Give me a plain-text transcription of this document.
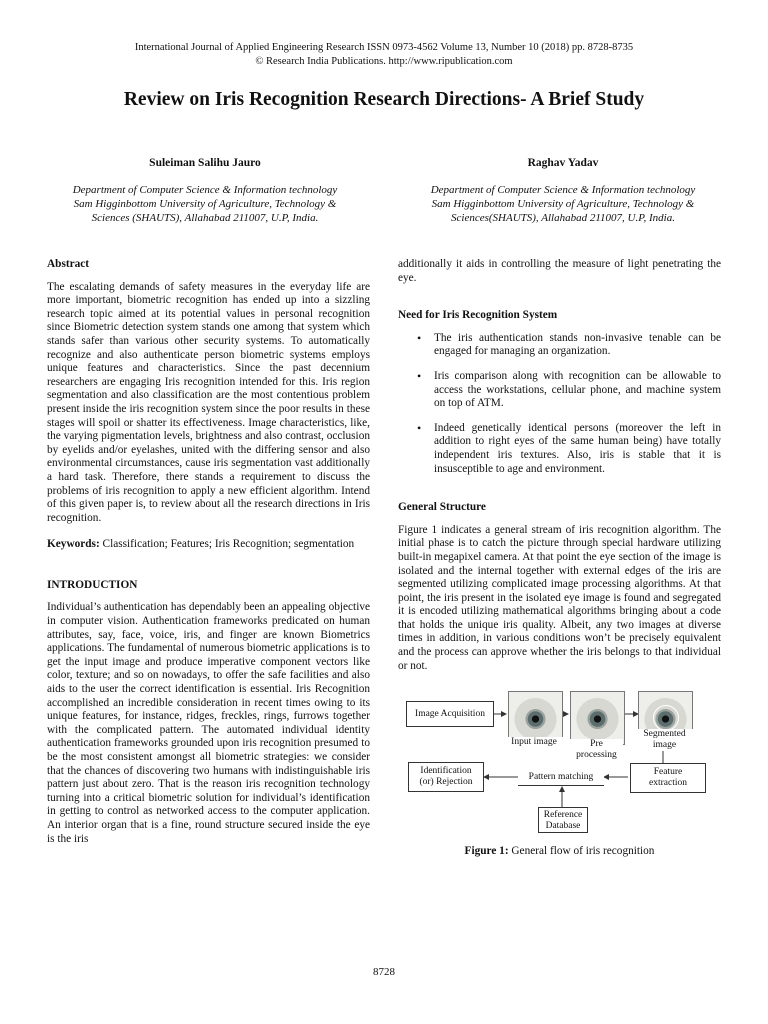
International Journal of Applied Engineering Research ISSN 0973-4562 Volume 13, Number 10 (2018) pp. 8728-8735
© Research India Publications. http://www.ripublication.com
Review on Iris Recognition Research Directions- A Brief Study
Suleiman Salihu Jauro
Department of Computer Science & Information technology
Sam Higginbottom University of Agriculture, Technology &
Sciences (SHAUTS), Allahabad 211007, U.P, India.
Raghav Yadav
Department of Computer Science & Information technology
Sam Higginbottom University of Agriculture, Technology &
Sciences(SHAUTS), Allahabad 211007, U.P, India.

Abstract

The escalating demands of safety measures in the everyday life are more important, biometric recognition has ended up into a sizzling research topic aimed at its potential values in personal recognition since Biometric detection system stands one among that system which stands safer than various other security systems. To automatically recognize and also authenticate person biometric systems employs unique features and characteristics. Since the past decennium researchers are engaging Iris recognition intended for this. Iris region segmentation and also classification are the most contentious problem present inside the iris recognition system since the poor results in these stages will spoil or shatter its effectiveness. Image characteristics, like, the varying pigmentation levels, brightness and also contrast, occlusion by eyelids and/or eyelashes, united with the differing sensor and also environmental circumstances, cause iris segmentation vast additionally a hard task. Therefore, there stands a requirement to discuss the problems of iris recognition to apply a new efficient algorithm. Intend of this given paper is, to review about all the research directions in Iris recognition.

Keywords: Classification; Features; Iris Recognition; segmentation

INTRODUCTION

Individual’s authentication has dependably been an appealing objective in computer vision. Authentication frameworks predicated on human attributes, say, face, voice, iris, and finger are known Biometrics applications. The fundamental of numerous biometric applications is to get the input image and produce imperative component vectors like color, texture; and so on nowadays, to offer the safe facilities and also aids to the user the correct identification is essential. Iris Recognition accomplished an incredible consideration in recent times owing to its unique features, for instance, ridges, freckles, rings, furrows together with the complicated pattern. The automated individual identity authentication frameworks grounded upon iris recognition presumed to be the most consistent amongst all biometric strategies: we consider that the chances of discovering two humans with indistinguishable iris pattern just about zero. That is the reason iris recognition technology turning into a critical biometric solution for individual’s identification in getting to control as networked access to the computer application. An interior organ that is a fine, round structure secured inside the eye is the iris

additionally it aids in controlling the measure of light penetrating the eye.

Need for Iris Recognition System

• The iris authentication stands non-invasive tenable can be engaged for managing an organization.
• Iris comparison along with recognition can be allowable to access the workstations, cellular phone, and machine system on top of ATM.
• Indeed genetically identical persons (moreover the left in addition to right eyes of the same human being) have totally independent iris textures. Also, iris is stable that it is insusceptible to age and environment.

General Structure

Figure 1 indicates a general stream of iris recognition algorithm. The initial phase is to catch the picture through special hardware utilizing built-in megapixel camera. At that point the eye section of the image is isolated and the internal together with external edges of the iris are segmented utilizing complicated image processing algorithms. At that point, the iris present in the isolated eye image is found and segregated it is encoded utilizing mathematical algorithms bringing about a code that holds the unique iris quality. Albeit, any two images at diverse times in addition, in various conditions won’t be precisely equivalent and the process can approve whether the iris belongs to that individual or not.

Image Acquisition
Input image	Pre
processing
Segmented
image
Identification
(or) Rejection	Pattern matching	Feature
extraction
Reference
Database
Figure 1: General flow of iris recognition
8728
